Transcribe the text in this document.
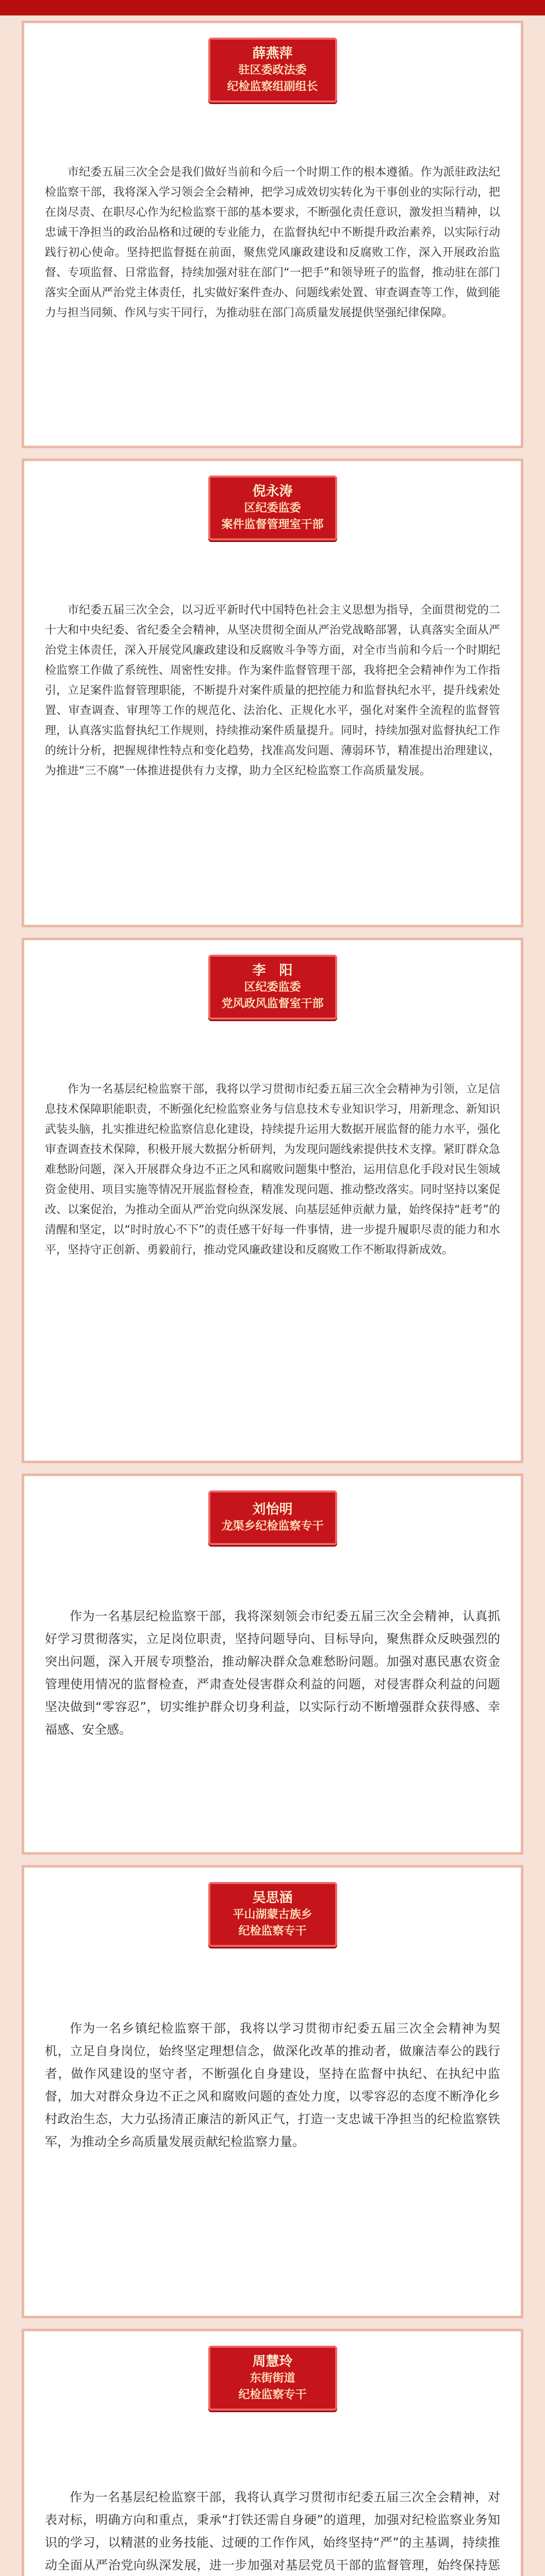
薛燕萍
驻区委政法委
纪检监察组副组长

市纪委五届三次全会是我们做好当前和今后一个时期工作的根本遵循。作为派驻政法纪检监察干部，我将深入学习领会全会精神，把学习成效切实转化为干事创业的实际行动，把在岗尽责、在职尽心作为纪检监察干部的基本要求，不断强化责任意识，激发担当精神，以忠诚干净担当的政治品格和过硬的专业能力，在监督执纪中不断提升政治素养，以实际行动践行初心使命。坚持把监督挺在前面，聚焦党风廉政建设和反腐败工作，深入开展政治监督、专项监督、日常监督，持续加强对驻在部门“一把手”和领导班子的监督，推动驻在部门落实全面从严治党主体责任，扎实做好案件查办、问题线索处置、审查调查等工作，做到能力与担当同频、作风与实干同行，为推动驻在部门高质量发展提供坚强纪律保障。

倪永涛
区纪委监委
案件监督管理室干部

市纪委五届三次全会，以习近平新时代中国特色社会主义思想为指导，全面贯彻党的二十大和中央纪委、省纪委全会精神，从坚决贯彻全面从严治党战略部署，认真落实全面从严治党主体责任，深入开展党风廉政建设和反腐败斗争等方面，对全市当前和今后一个时期纪检监察工作做了系统性、周密性安排。作为案件监督管理干部，我将把全会精神作为工作指引，立足案件监督管理职能，不断提升对案件质量的把控能力和监督执纪水平，提升线索处置、审查调查、审理等工作的规范化、法治化、正规化水平，强化对案件全流程的监督管理，认真落实监督执纪工作规则，持续推动案件质量提升。同时，持续加强对监督执纪工作的统计分析，把握规律性特点和变化趋势，找准高发问题、薄弱环节，精准提出治理建议，为推进“三不腐”一体推进提供有力支撑，助力全区纪检监察工作高质量发展。

李　阳
区纪委监委
党风政风监督室干部

作为一名基层纪检监察干部，我将以学习贯彻市纪委五届三次全会精神为引领，立足信息技术保障职能职责，不断强化纪检监察业务与信息技术专业知识学习，用新理念、新知识武装头脑，扎实推进纪检监察信息化建设，持续提升运用大数据开展监督的能力水平，强化审查调查技术保障，积极开展大数据分析研判，为发现问题线索提供技术支撑。紧盯群众急难愁盼问题，深入开展群众身边不正之风和腐败问题集中整治，运用信息化手段对民生领域资金使用、项目实施等情况开展监督检查，精准发现问题、推动整改落实。同时坚持以案促改、以案促治，为推动全面从严治党向纵深发展、向基层延伸贡献力量，始终保持“赶考”的清醒和坚定，以“时时放心不下”的责任感干好每一件事情，进一步提升履职尽责的能力和水平，坚持守正创新、勇毅前行，推动党风廉政建设和反腐败工作不断取得新成效。

刘怡明
龙渠乡纪检监察专干

作为一名基层纪检监察干部，我将深刻领会市纪委五届三次全会精神，认真抓好学习贯彻落实，立足岗位职责，坚持问题导向、目标导向，聚焦群众反映强烈的突出问题，深入开展专项整治，推动解决群众急难愁盼问题。加强对惠民惠农资金管理使用情况的监督检查，严肃查处侵害群众利益的问题，对侵害群众利益的问题坚决做到“零容忍”，切实维护群众切身利益，以实际行动不断增强群众获得感、幸福感、安全感。

吴思涵
平山湖蒙古族乡
纪检监察专干

作为一名乡镇纪检监察干部，我将以学习贯彻市纪委五届三次全会精神为契机，立足自身岗位，始终坚定理想信念，做深化改革的推动者，做廉洁奉公的践行者，做作风建设的坚守者，不断强化自身建设，坚持在监督中执纪、在执纪中监督，加大对群众身边不正之风和腐败问题的查处力度，以零容忍的态度不断净化乡村政治生态，大力弘扬清正廉洁的新风正气，打造一支忠诚干净担当的纪检监察铁军，为推动全乡高质量发展贡献纪检监察力量。

周慧玲
东街街道
纪检监察专干

作为一名基层纪检监察干部，我将认真学习贯彻市纪委五届三次全会精神，对表对标，明确方向和重点，秉承“打铁还需自身硬”的道理，加强对纪检监察业务知识的学习，以精湛的业务技能、过硬的工作作风，始终坚持“严”的主基调，持续推动全面从严治党向纵深发展，进一步加强对基层党员干部的监督管理，始终保持惩
